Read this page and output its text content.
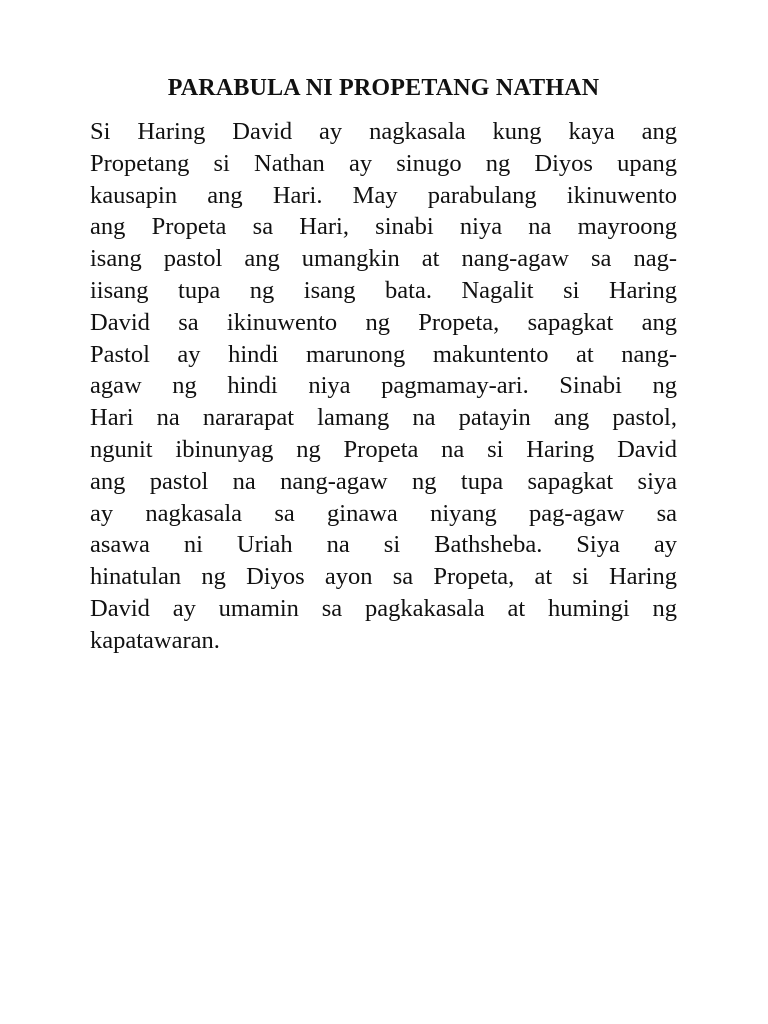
PARABULA NI PROPETANG NATHAN

Si Haring David ay nagkasala kung kaya ang
Propetang si Nathan ay sinugo ng Diyos upang
kausapin ang Hari. May parabulang ikinuwento
ang Propeta sa Hari, sinabi niya na mayroong
isang pastol ang umangkin at nang-agaw sa nag-
iisang tupa ng isang bata. Nagalit si Haring
David sa ikinuwento ng Propeta, sapagkat ang
Pastol ay hindi marunong makuntento at nang-
agaw ng hindi niya pagmamay-ari. Sinabi ng
Hari na nararapat lamang na patayin ang pastol,
ngunit ibinunyag ng Propeta na si Haring David
ang pastol na nang-agaw ng tupa sapagkat siya
ay nagkasala sa ginawa niyang pag-agaw sa
asawa ni Uriah na si Bathsheba. Siya ay
hinatulan ng Diyos ayon sa Propeta, at si Haring
David ay umamin sa pagkakasala at humingi ng
kapatawaran.
